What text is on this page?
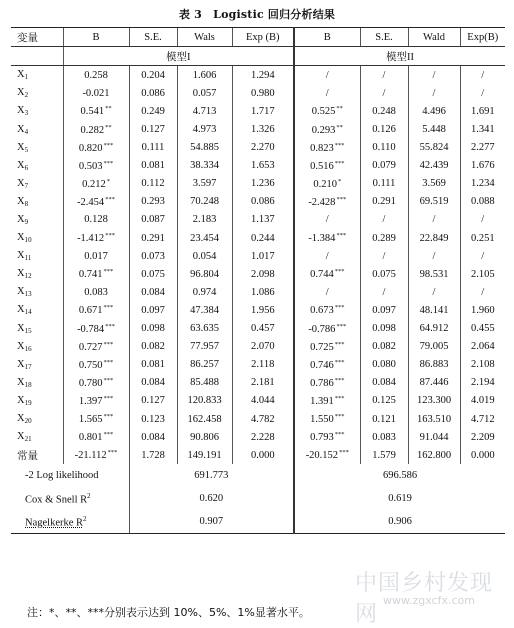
表 3　Logistic 回归分析结果
变量	B	S.E.	Wals	Exp (B)	B	S.E.	Wald	Exp(B)
	模型I				模型II			
$X_1$	0.258	0.204	1.606	1.294	/	/	/	/
$X_2$	-0.021	0.086	0.057	0.980	/	/	/	/
$X_3$	0.541**	0.249	4.713	1.717	0.525**	0.248	4.496	1.691
$X_4$	0.282**	0.127	4.973	1.326	0.293**	0.126	5.448	1.341
$X_5$	0.820***	0.111	54.885	2.270	0.823***	0.110	55.824	2.277
$X_6$	0.503***	0.081	38.334	1.653	0.516***	0.079	42.439	1.676
$X_7$	0.212*	0.112	3.597	1.236	0.210*	0.111	3.569	1.234
$X_8$	-2.454***	0.293	70.248	0.086	-2.428***	0.291	69.519	0.088
$X_9$	0.128	0.087	2.183	1.137	/	/	/	/
$X_{10}$	-1.412***	0.291	23.454	0.244	-1.384***	0.289	22.849	0.251
$X_{11}$	0.017	0.073	0.054	1.017	/	/	/	/
$X_{12}$	0.741***	0.075	96.804	2.098	0.744***	0.075	98.531	2.105
$X_{13}$	0.083	0.084	0.974	1.086	/	/	/	/
$X_{14}$	0.671***	0.097	47.384	1.956	0.673***	0.097	48.141	1.960
$X_{15}$	-0.784***	0.098	63.635	0.457	-0.786***	0.098	64.912	0.455
$X_{16}$	0.727***	0.082	77.957	2.070	0.725***	0.082	79.005	2.064
$X_{17}$	0.750***	0.081	86.257	2.118	0.746***	0.080	86.883	2.108
$X_{18}$	0.780***	0.084	85.488	2.181	0.786***	0.084	87.446	2.194
$X_{19}$	1.397***	0.127	120.833	4.044	1.391***	0.125	123.300	4.019
$X_{20}$	1.565***	0.123	162.458	4.782	1.550***	0.121	163.510	4.712
$X_{21}$	0.801***	0.084	90.806	2.228	0.793***	0.083	91.044	2.209
常量	-21.112***	1.728	149.191	0.000	-20.152***	1.579	162.800	0.000
-2 Log likelihood		691.773			696.586			
Cox & Snell $R^2$		0.620			0.619			
Nagelkerke $R^2$		0.907			0.906			
中国乡村发现网
www.zgxcfx.com
注：*、**、***分别表示达到 10%、5%、1%显著水平。
